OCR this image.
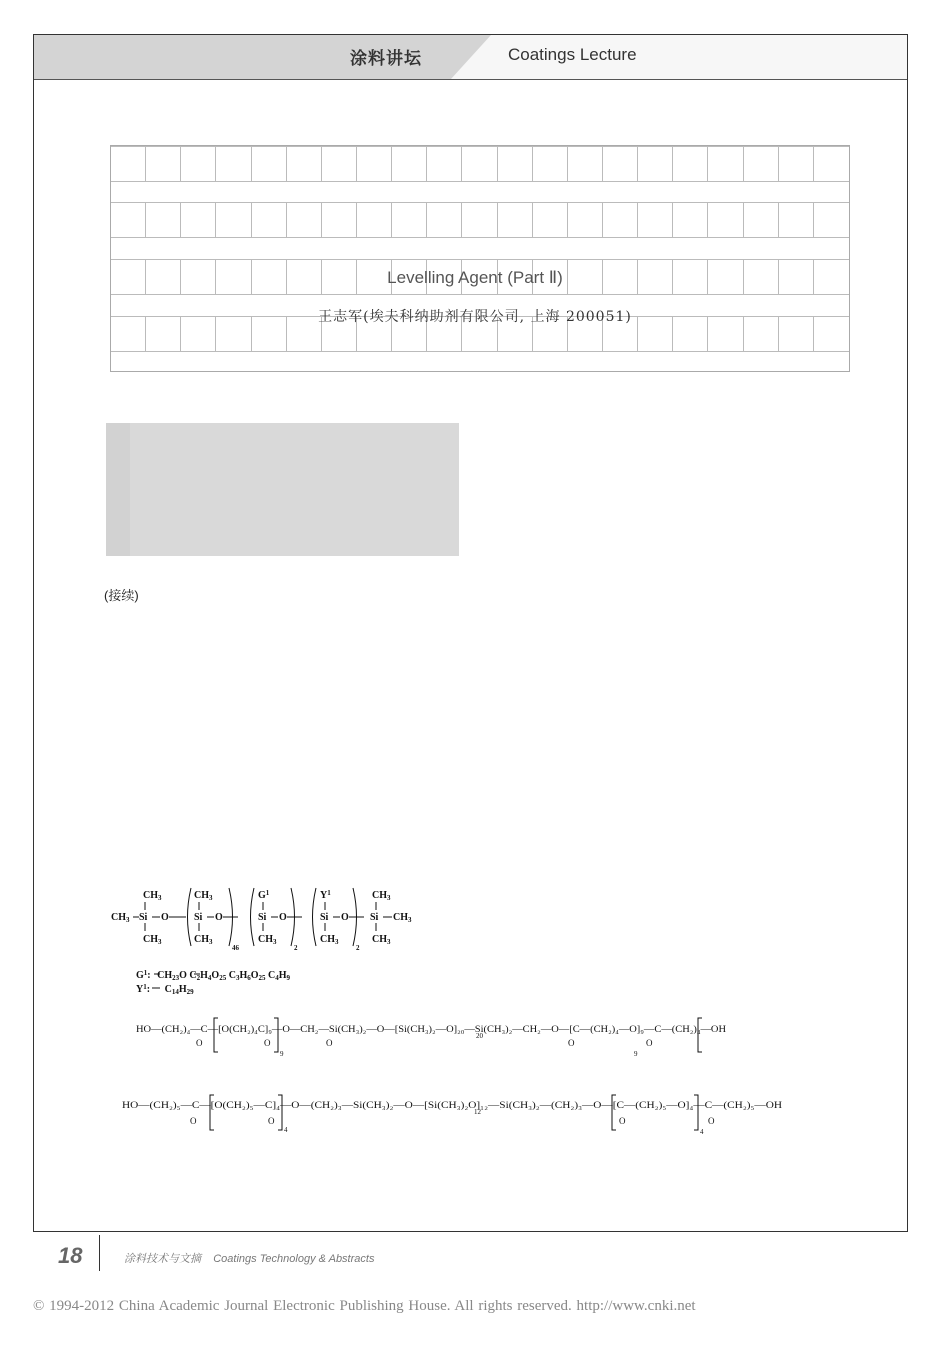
涂料讲坛	Coatings Lecture
Levelling Agent (Part Ⅱ)
王志军(埃夫科纳助剂有限公司, 上海 200051)
(接续)
$CH_3$ Si
$CH_3$
$CH_3$
O
$CH_3$
Si
$CH_3$
O
46
$G^1$
Si
$CH_3$
O
2
$Y^1$
Si
$CH_3$
O
2
Si
$CH_3$
$CH_3$
$CH_3$
$G^1$: $CH_23O$ $C_2H_4O_{25}$ $C_3H_6O_{25}$ $C_4H_9$
$Y^1$: $C_{14}H_{29}$
HO—(CH₂)₄—C—[O(CH₂)₄C]₉—O—CH₂—Si(CH₃)₂—O—[Si(CH₃)₂—O]₂₀—Si(CH₃)₂—CH₂—O—[C—(CH₂)₄—O]₉—C—(CH₂)₄—OH
9
20
9
O
O	O	O	O
HO—(CH₂)₅—C—[O(CH₂)₅—C]₄—O—(CH₂)₃—Si(CH₃)₂—O—[Si(CH₃)₂O]₁₂—Si(CH₃)₂—(CH₂)₃—O—[C—(CH₂)₅—O]₄—C—(CH₂)₅—OH
4
12
4
O	O	O	O
18	涂料技术与文摘 Coatings Technology & Abstracts
© 1994-2012 China Academic Journal Electronic Publishing House. All rights reserved. http://www.cnki.net
